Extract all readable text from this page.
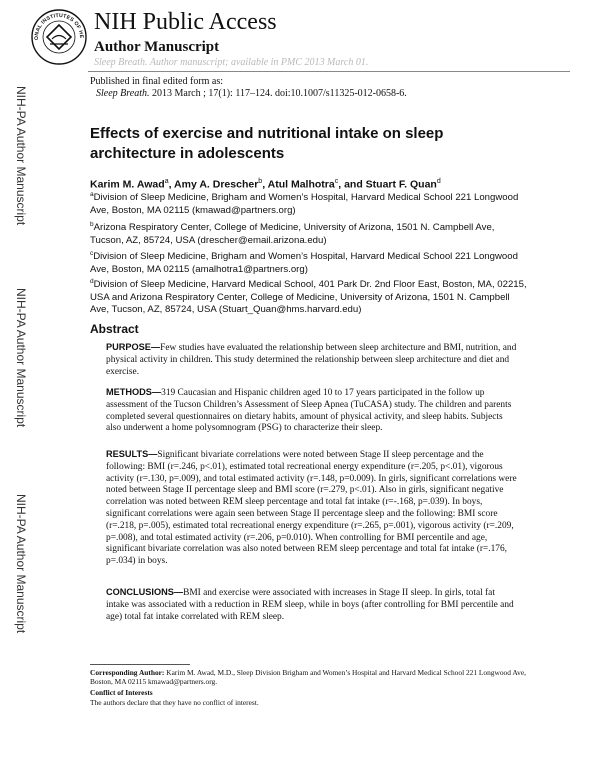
ONAL INSTITUTES OF HE
NIH Public Access
Author Manuscript
Sleep Breath. Author manuscript; available in PMC 2013 March 01.
Published in final edited form as:
Sleep Breath. 2013 March ; 17(1): 117–124. doi:10.1007/s11325-012-0658-6.
NIH-PA Author Manuscript
NIH-PA Author Manuscript
NIH-PA Author Manuscript
Effects of exercise and nutritional intake on sleep architecture in adolescents
Karim M. Awad$^a$, Amy A. Drescher$^b$, Atul Malhotra$^c$, and Stuart F. Quan$^d$
$^a$Division of Sleep Medicine, Brigham and Women’s Hospital, Harvard Medical School 221 Longwood Ave, Boston, MA 02115 (kmawad@partners.org)
$^b$Arizona Respiratory Center, College of Medicine, University of Arizona, 1501 N. Campbell Ave, Tucson, AZ, 85724, USA (drescher@email.arizona.edu)
$^c$Division of Sleep Medicine, Brigham and Women’s Hospital, Harvard Medical School 221 Longwood Ave, Boston, MA 02115 (amalhotra1@partners.org)
$^d$Division of Sleep Medicine, Harvard Medical School, 401 Park Dr. 2nd Floor East, Boston, MA, 02215, USA and Arizona Respiratory Center, College of Medicine, University of Arizona, 1501 N. Campbell Ave, Tucson, AZ, 85724, USA (Stuart_Quan@hms.harvard.edu)
Abstract
PURPOSE—Few studies have evaluated the relationship between sleep architecture and BMI, nutrition, and physical activity in children. This study determined the relationship between sleep architecture and diet and exercise.
METHODS—319 Caucasian and Hispanic children aged 10 to 17 years participated in the follow up assessment of the Tucson Children’s Assessment of Sleep Apnea (TuCASA) study. The children and parents completed several questionnaires on dietary habits, amount of physical activity, and sleep habits. Subjects also underwent a home polysomnogram (PSG) to characterize their sleep.
RESULTS—Significant bivariate correlations were noted between Stage II sleep percentage and the following: BMI (r=.246, p<.01), estimated total recreational energy expenditure (r=.205, p<.01), vigorous activity (r=.130, p=.009), and total estimated activity (r=.148, p=0.009). In girls, significant correlations were noted between Stage II percentage sleep and BMI score (r=.279, p<.01). Also in girls, significant negative correlation was noted between REM sleep percentage and total fat intake (r=-.168, p=.039). In boys, significant correlations were again seen between Stage II percentage sleep and the following: BMI score (r=.218, p=.005), estimated total recreational energy expenditure (r=.265, p=.001), vigorous activity (r=.209, p=.008), and total estimated activity (r=.206, p=0.010). When controlling for BMI percentile and age, significant bivariate correlation was also noted between REM sleep percentage and total fat intake (r=.176, p=.034) in boys.
CONCLUSIONS—BMI and exercise were associated with increases in Stage II sleep. In girls, total fat intake was associated with a reduction in REM sleep, while in boys (after controlling for BMI percentile and age) total fat intake correlated with REM sleep.
Corresponding Author: Karim M. Awad, M.D., Sleep Division Brigham and Women’s Hospital and Harvard Medical School 221 Longwood Ave, Boston, MA 02115 kmawad@partners.org.
Conflict of Interests
The authors declare that they have no conflict of interest.
